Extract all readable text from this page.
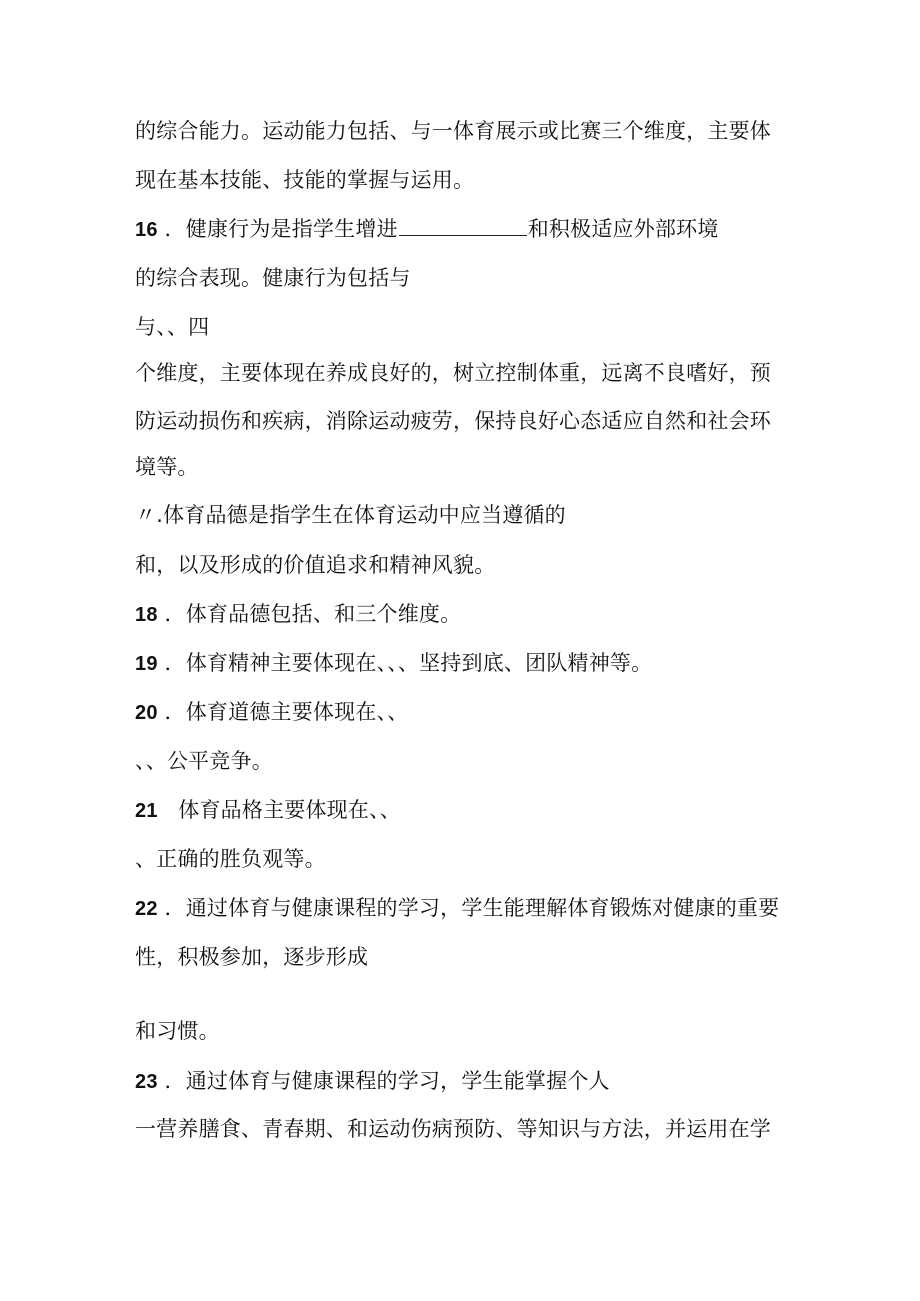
的综合能力。运动能力包括、与一体育展示或比赛三个维度，主要体
现在基本技能、技能的掌握与运用。
16 ．健康行为是指学生增进	和积极适应外部环境
的综合表现。健康行为包括与
与、、四
个维度，主要体现在养成良好的，树立控制体重，远离不良嗜好，预
防运动损伤和疾病，消除运动疲劳，保持良好心态适应自然和社会环
境等。
〃.体育品德是指学生在体育运动中应当遵循的
和，以及形成的价值追求和精神风貌。
18 ．体育品德包括、和三个维度。
19 ．体育精神主要体现在、、、坚持到底、团队精神等。
20 ．体育道德主要体现在、、
、、公平竞争。
21   体育品格主要体现在、、
、正确的胜负观等。
22 ．通过体育与健康课程的学习，学生能理解体育锻炼对健康的重要
性，积极参加，逐步形成
和习惯。
23 ．通过体育与健康课程的学习，学生能掌握个人
一营养膳食、青春期、和运动伤病预防、等知识与方法，并运用在学
